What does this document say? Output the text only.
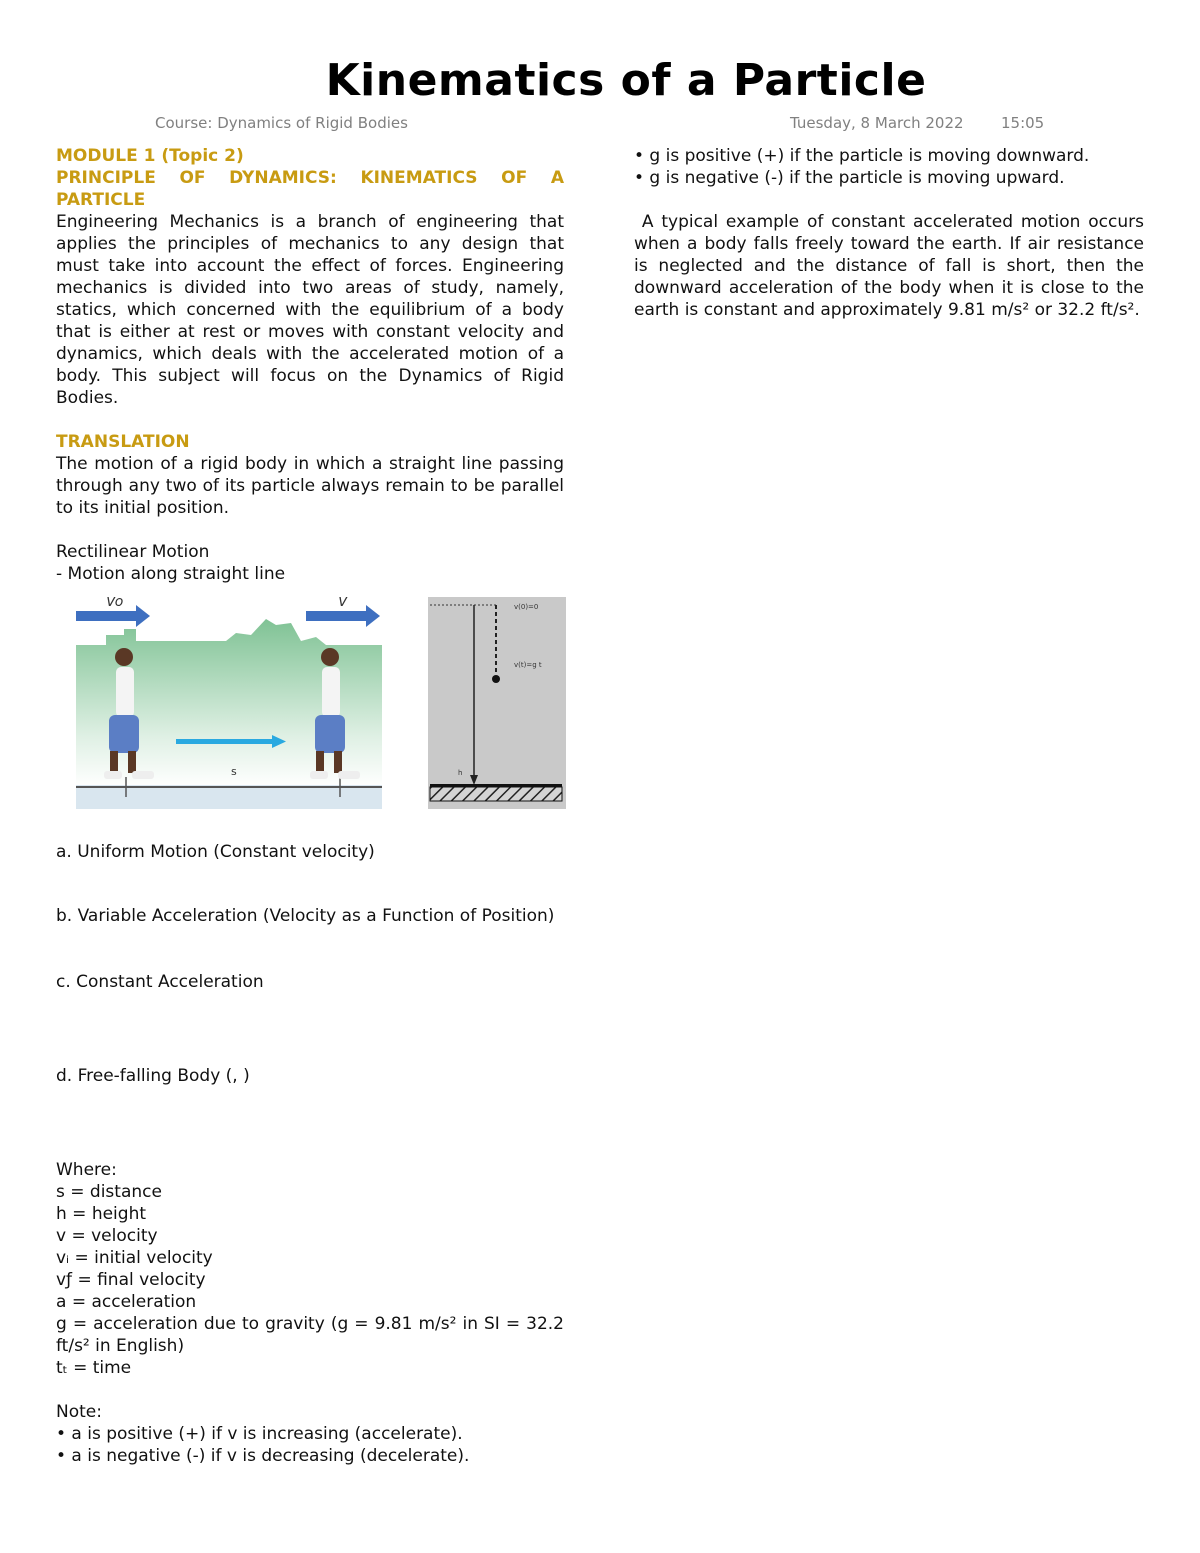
Kinematics of a Particle
Course: Dynamics of Rigid Bodies	Tuesday, 8 March 2022 15:05

MODULE 1 (Topic 2)

PRINCIPLE OF DYNAMICS: KINEMATICS OF A PARTICLE

Engineering Mechanics is a branch of engineering that applies the principles of mechanics to any design that must take into account the effect of forces. Engineering mechanics is divided into two areas of study, namely, statics, which concerned with the equilibrium of a body that is either at rest or moves with constant velocity and dynamics, which deals with the accelerated motion of a body. This subject will focus on the Dynamics of Rigid Bodies.

TRANSLATION

The motion of a rigid body in which a straight line passing through any two of its particle always remain to be parallel to its initial position.

Rectilinear Motion

- Motion along straight line

Vo	V
s
v(0)=0
v(t)=g t
h

a. Uniform Motion (Constant velocity)

b. Variable Acceleration (Velocity as a Function of Position)

c. Constant Acceleration

d. Free-falling Body (, )

Where:

s = distance

h = height

v = velocity

vᵢ = initial velocity

vƒ = final velocity

a = acceleration

g = acceleration due to gravity (g = 9.81 m/s² in SI = 32.2 ft/s² in English)

tₜ = time

Note:

• a is positive (+) if v is increasing (accelerate).

• a is negative (-) if v is decreasing (decelerate).

• g is positive (+) if the particle is moving downward.

• g is negative (-) if the particle is moving upward.

A typical example of constant accelerated motion occurs when a body falls freely toward the earth. If air resistance is neglected and the distance of fall is short, then the downward acceleration of the body when it is close to the earth is constant and approximately 9.81 m/s² or 32.2 ft/s².
